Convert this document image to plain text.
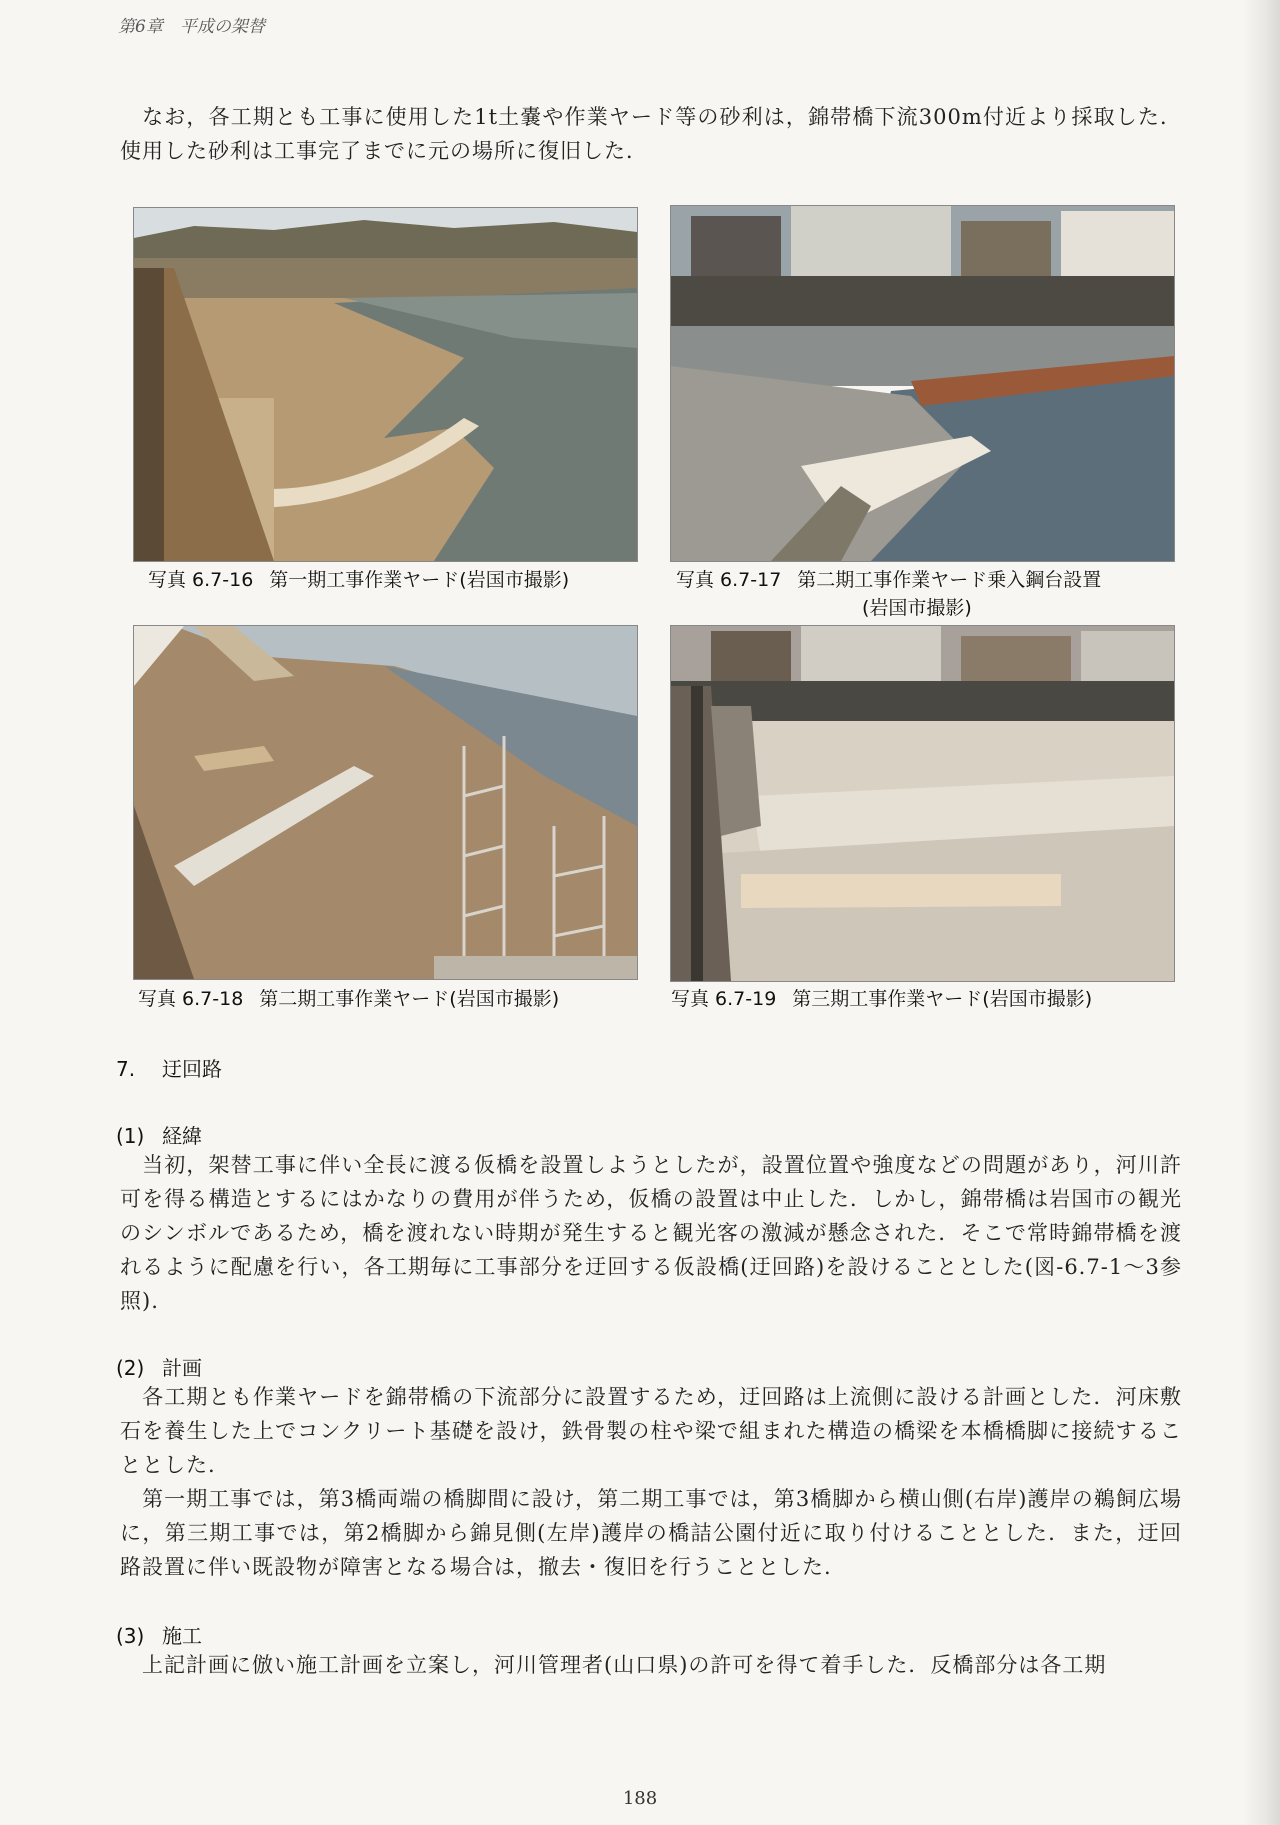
第6章　平成の架替
なお，各工期とも工事に使用した1t土嚢や作業ヤード等の砂利は，錦帯橋下流300m付近より採取した．使用した砂利は工事完了までに元の場所に復旧した．
写真 6.7-16 第一期工事作業ヤード(岩国市撮影)	写真 6.7-17 第二期工事作業ヤード乗入鋼台設置
(岩国市撮影)
写真 6.7-18 第二期工事作業ヤード(岩国市撮影)	写真 6.7-19 第三期工事作業ヤード(岩国市撮影)
7. 迂回路
(1) 経緯
当初，架替工事に伴い全長に渡る仮橋を設置しようとしたが，設置位置や強度などの問題があり，河川許可を得る構造とするにはかなりの費用が伴うため，仮橋の設置は中止した．しかし，錦帯橋は岩国市の観光のシンボルであるため，橋を渡れない時期が発生すると観光客の激減が懸念された．そこで常時錦帯橋を渡れるように配慮を行い，各工期毎に工事部分を迂回する仮設橋(迂回路)を設けることとした(図-6.7-1～3参照).
(2) 計画
各工期とも作業ヤードを錦帯橋の下流部分に設置するため，迂回路は上流側に設ける計画とした．河床敷石を養生した上でコンクリート基礎を設け，鉄骨製の柱や梁で組まれた構造の橋梁を本橋橋脚に接続することとした.
第一期工事では，第3橋両端の橋脚間に設け，第二期工事では，第3橋脚から横山側(右岸)護岸の鵜飼広場に，第三期工事では，第2橋脚から錦見側(左岸)護岸の橋詰公園付近に取り付けることとした．また，迂回路設置に伴い既設物が障害となる場合は，撤去・復旧を行うこととした.
(3) 施工
上記計画に倣い施工計画を立案し，河川管理者(山口県)の許可を得て着手した．反橋部分は各工期
188
